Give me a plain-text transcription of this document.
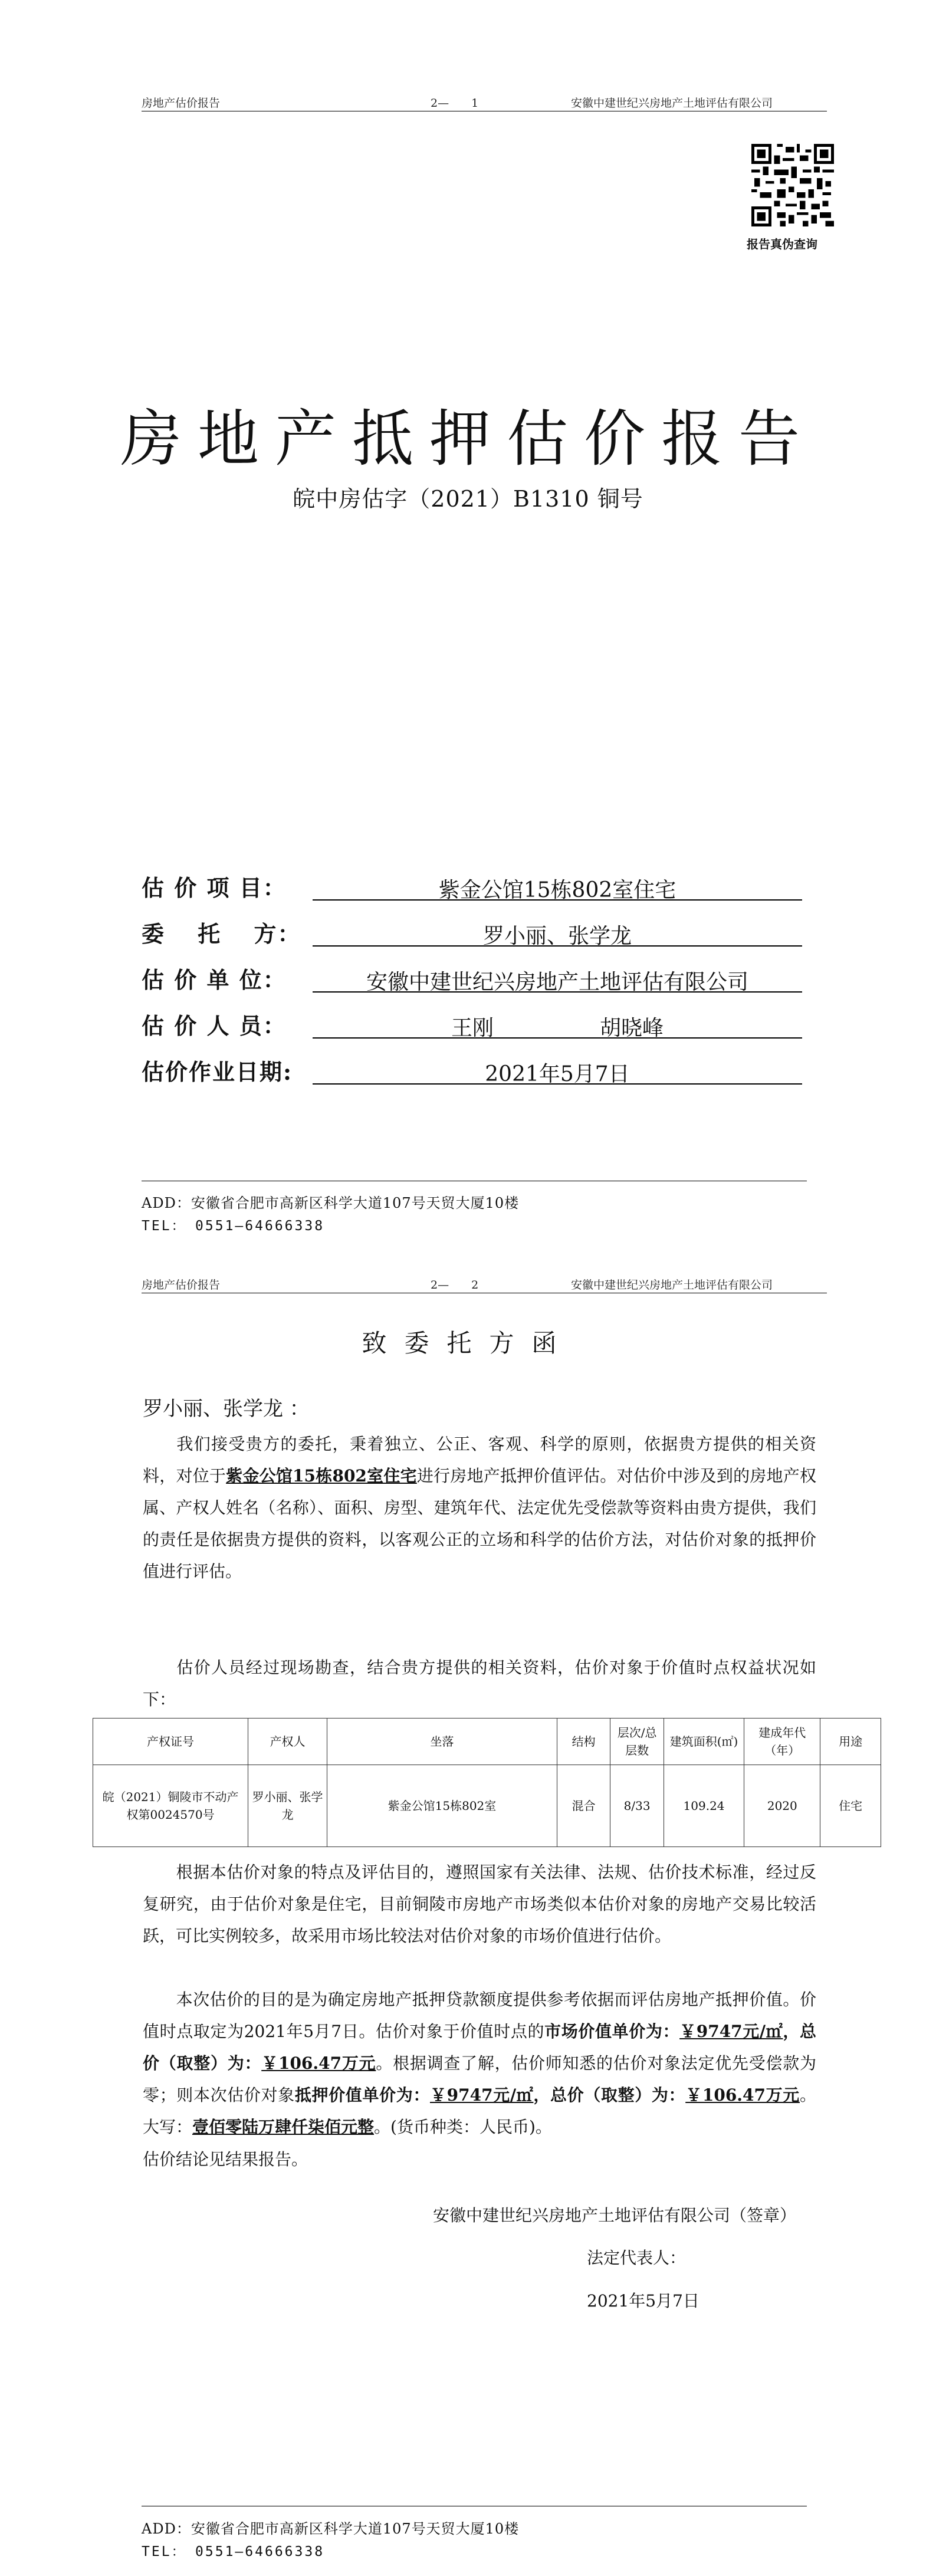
房地产估价报告	2—　　1	安徽中建世纪兴房地产土地评估有限公司
报告真伪查询
房地产抵押估价报告
皖中房估字（2021）B1310 铜号
估 价 项 目：	紫金公馆15栋802室住宅
委　 托　 方：	罗小丽、张学龙
估 价 单 位：	安徽中建世纪兴房地产土地评估有限公司
估 价 人 员：	王刚　　　　　胡晓峰
估价作业日期:	2021年5月7日
ADD：安徽省合肥市高新区科学大道107号天贸大厦10楼
TEL：　0551—64666338
房地产估价报告	2—　　2	安徽中建世纪兴房地产土地评估有限公司
致委托方函
罗小丽、张学龙 ：
我们接受贵方的委托，秉着独立、公正、客观、科学的原则，依据贵方提供的相关资料，对位于紫金公馆15栋802室住宅进行房地产抵押价值评估。对估价中涉及到的房地产权属、产权人姓名（名称）、面积、房型、建筑年代、法定优先受偿款等资料由贵方提供，我们的责任是依据贵方提供的资料，以客观公正的立场和科学的估价方法，对估价对象的抵押价值进行评估。
估价人员经过现场勘查，结合贵方提供的相关资料，估价对象于价值时点权益状况如下：
产权证号	产权人	坐落	结构	层次/总层数	建筑面积(㎡)	建成年代（年）	用途
皖（2021）铜陵市不动产权第0024570号	罗小丽、张学龙	紫金公馆15栋802室	混合	8/33	109.24	2020	住宅
根据本估价对象的特点及评估目的，遵照国家有关法律、法规、估价技术标准，经过反复研究，由于估价对象是住宅，目前铜陵市房地产市场类似本估价对象的房地产交易比较活跃，可比实例较多，故采用市场比较法对估价对象的市场价值进行估价。
本次估价的目的是为确定房地产抵押贷款额度提供参考依据而评估房地产抵押价值。价值时点取定为2021年5月7日。估价对象于价值时点的市场价值单价为：￥9747元/㎡，总价（取整）为：￥106.47万元。根据调查了解，估价师知悉的估价对象法定优先受偿款为零；则本次估价对象抵押价值单价为：￥9747元/㎡，总价（取整）为：￥106.47万元。大写：壹佰零陆万肆仟柒佰元整。(货币种类：人民币)。
估价结论见结果报告。
安徽中建世纪兴房地产土地评估有限公司（签章）
法定代表人：
2021年5月7日
ADD：安徽省合肥市高新区科学大道107号天贸大厦10楼
TEL：　0551—64666338
